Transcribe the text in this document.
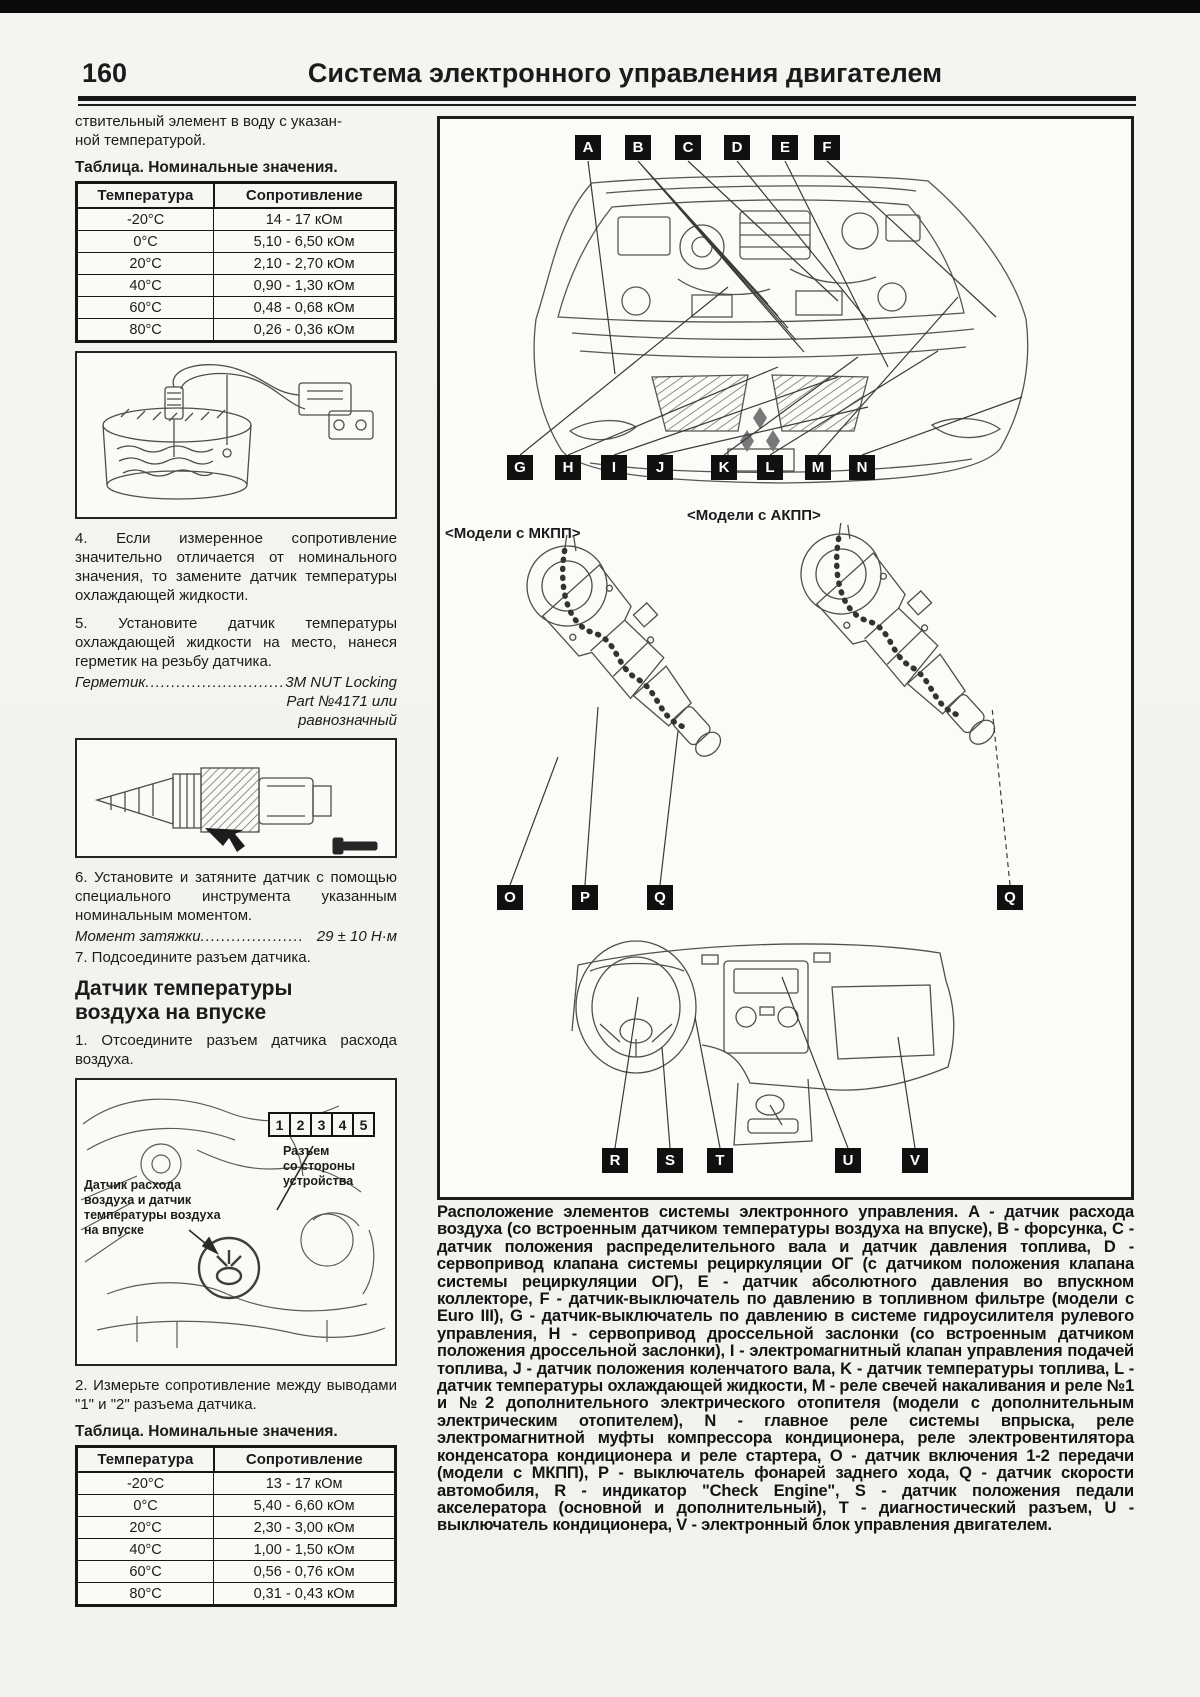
160	Система электронного управления двигателем

ствительный элемент в воду с указан-
ной температурой.

Таблица. Номинальные значения.
Температура	Сопротивление
-20°C	14 - 17 кОм
0°C	5,10 - 6,50 кОм
20°C	2,10 - 2,70 кОм
40°C	0,90 - 1,30 кОм
60°C	0,48 - 0,68 кОм
80°C	0,26 - 0,36 кОм

4. Если измеренное сопротивление значительно отличается от номинального значения, то замените датчик температуры охлаждающей жидкости.

5. Установите датчик температуры охлаждающей жидкости на место, нанеся герметик на резьбу датчика.

Герметик ........................... 3M NUT Locking
Part №4171 или
равнозначный

6. Установите и затяните датчик с помощью специального инструмента указанным номинальным моментом.

Момент затяжки .................... 29 ± 10 Н·м

7. Подсоедините разъем датчика.

Датчик температуры
воздуха на впуске

1. Отсоедините разъем датчика расхода воздуха.

1 2 3 4 5
Разъем
со стороны
устройства
Датчик расхода
воздуха и датчик
температуры воздуха
на впуске

2. Измерьте сопротивление между выводами "1" и "2" разъема датчика.

Таблица. Номинальные значения.
Температура	Сопротивление
-20°C	13 - 17 кОм
0°C	5,40 - 6,60 кОм
20°C	2,30 - 3,00 кОм
40°C	1,00 - 1,50 кОм
60°C	0,56 - 0,76 кОм
80°C	0,31 - 0,43 кОм
A	B	C	D	E	F
G	H	I	J	K	L	M	N
<Модели с МКПП>
<Модели с АКПП>
O	P	Q	Q
R	S	T	U	V
Расположение элементов системы электронного управления. A - датчик расхода воздуха (со встроенным датчиком температуры воздуха на впуске), B - форсунка, C - датчик положения распределительного вала и датчик давления топлива, D - сервопривод клапана системы рециркуляции ОГ (с датчиком положения клапана системы рециркуляции ОГ), E - датчик абсолютного давления во впускном коллекторе, F - датчик-выключатель по давлению в топливном фильтре (модели с Euro III), G - датчик-выключатель по давлению в системе гидроусилителя рулевого управления, H - сервопривод дроссельной заслонки (со встроенным датчиком положения дроссельной заслонки), I - электромагнитный клапан управления подачей топлива, J - датчик положения коленчатого вала, K - датчик температуры топлива, L - датчик температуры охлаждающей жидкости, M - реле свечей накаливания и реле №1 и №2 дополнительного электрического отопителя (модели с дополнительным электрическим отопителем), N - главное реле системы впрыска, реле электромагнитной муфты компрессора кондиционера, реле электровентилятора конденсатора кондиционера и реле стартера, O - датчик включения 1-2 передачи (модели с МКПП), P - выключатель фонарей заднего хода, Q - датчик скорости автомобиля, R - индикатор "Check Engine", S - датчик положения педали акселератора (основной и дополнительный), T - диагностический разъем, U - выключатель кондиционера, V - электронный блок управления двигателем.
